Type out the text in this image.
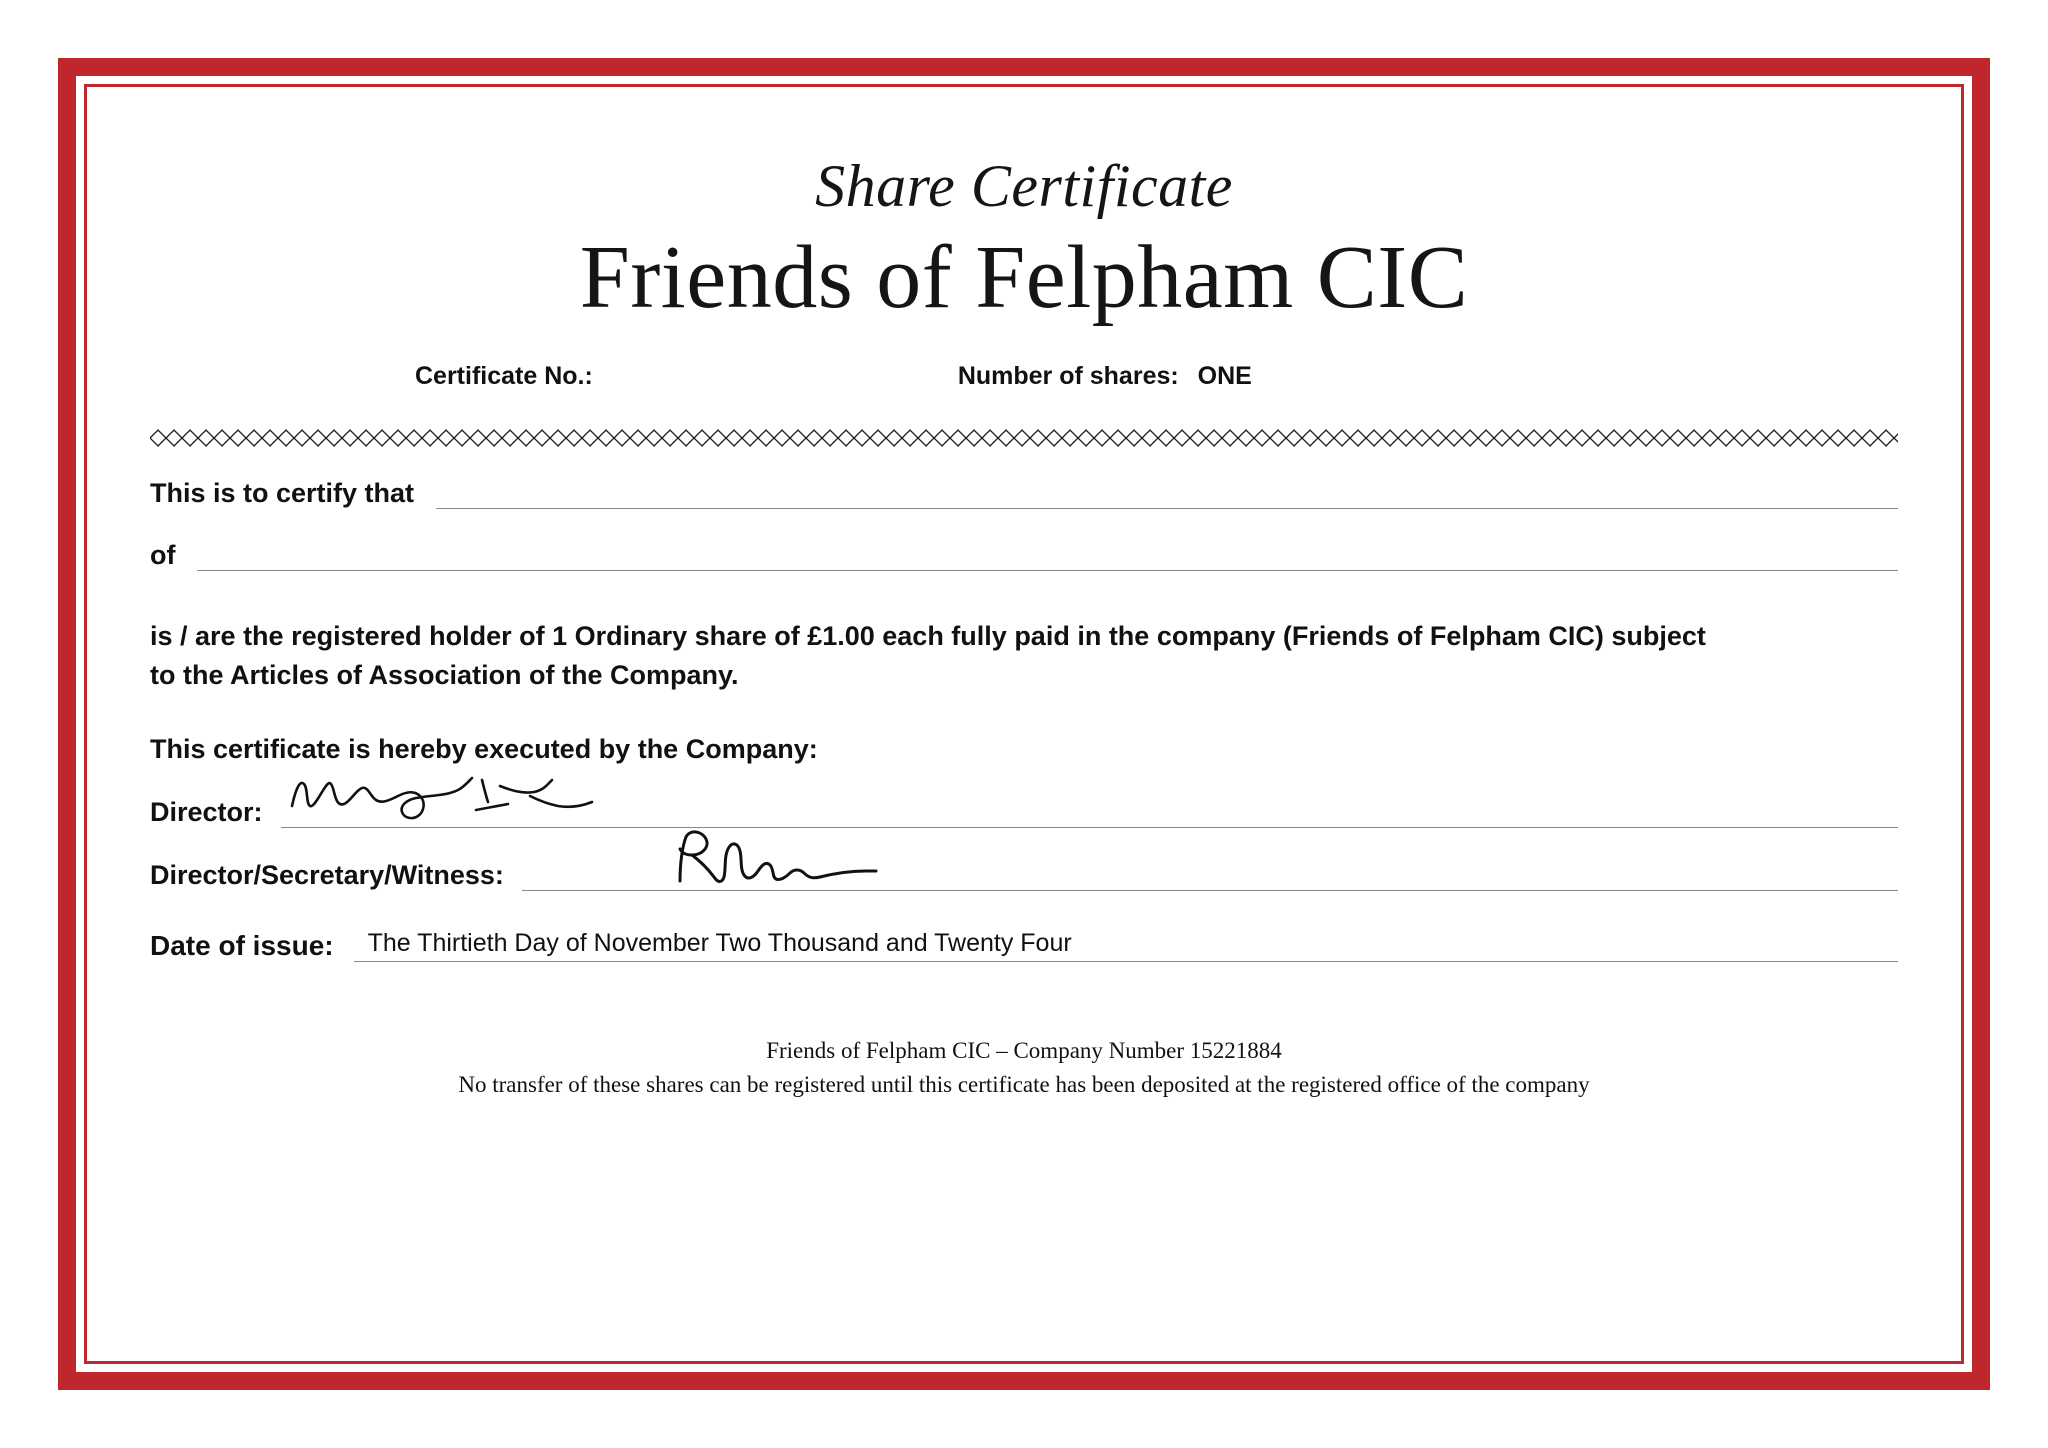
Share Certificate
Friends of Felpham CIC
Certificate No.:	Number of shares: ONE
This is to certify that
of
is / are the registered holder of 1 Ordinary share of £1.00 each fully paid in the company (Friends of Felpham CIC) subject to the Articles of Association of the Company.
This certificate is hereby executed by the Company:
Director:
Director/Secretary/Witness:
Date of issue: The Thirtieth Day of November Two Thousand and Twenty Four
Friends of Felpham CIC – Company Number 15221884
No transfer of these shares can be registered until this certificate has been deposited at the registered office of the company
